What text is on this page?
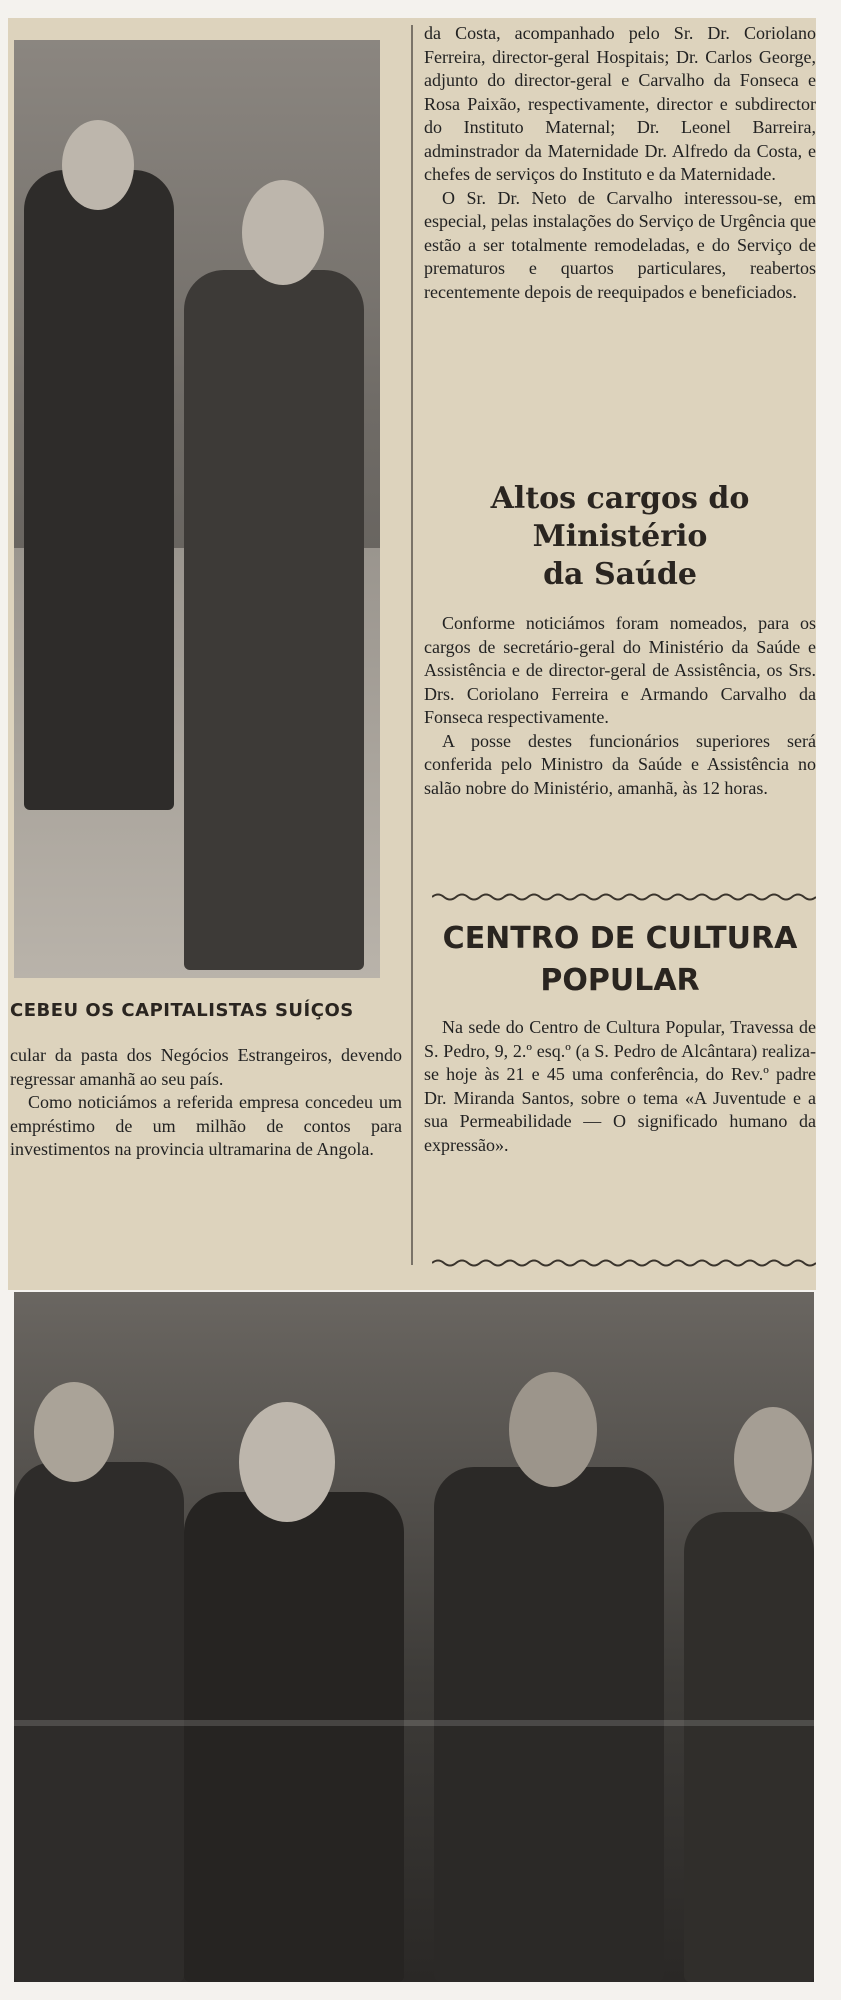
da Costa, acompanhado pelo Sr. Dr. Coriolano Ferreira, director-geral Hospitais; Dr. Carlos George, adjunto do director-geral e Carvalho da Fonseca e Rosa Paixão, respectivamente, director e subdirector do Instituto Maternal; Dr. Leonel Barreira, adminstrador da Maternidade Dr. Alfredo da Costa, e chefes de serviços do Instituto e da Maternidade.

O Sr. Dr. Neto de Carvalho interessou-se, em especial, pelas instalações do Serviço de Urgência que estão a ser totalmente remodeladas, e do Serviço de prematuros e quartos particulares, reabertos recentemente depois de reequipados e beneficiados.

Altos cargos do Ministério
da Saúde

Conforme noticiámos foram nomeados, para os cargos de secretário-geral do Ministério da Saúde e Assistência e de director-geral de Assistência, os Srs. Drs. Coriolano Ferreira e Armando Carvalho da Fonseca respectivamente.

A posse destes funcionários superiores será conferida pelo Ministro da Saúde e Assistência no salão nobre do Ministério, amanhã, às 12 horas.

CENTRO DE CULTURA
POPULAR

Na sede do Centro de Cultura Popular, Travessa de S. Pedro, 9, 2.º esq.º (a S. Pedro de Alcântara) realiza-se hoje às 21 e 45 uma conferência, do Rev.º padre Dr. Miranda Santos, sobre o tema «A Juventude e a sua Permeabilidade — O significado humano da expressão».

CEBEU OS CAPITALISTAS SUÍÇOS

cular da pasta dos Negócios Estrangeiros, devendo regressar amanhã ao seu país.

Como noticiámos a referida empresa concedeu um empréstimo de um milhão de contos para investimentos na provincia ultramarina de Angola.
